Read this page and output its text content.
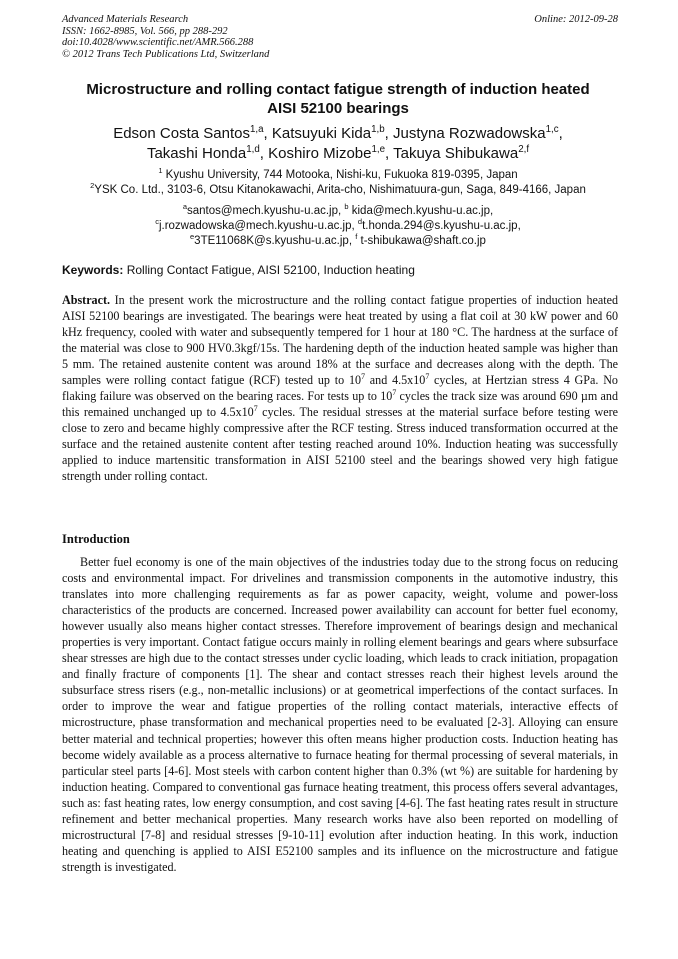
Advanced Materials Research
ISSN: 1662-8985, Vol. 566, pp 288-292
doi:10.4028/www.scientific.net/AMR.566.288
© 2012 Trans Tech Publications Ltd, Switzerland
Online: 2012-09-28
Microstructure and rolling contact fatigue strength of induction heated
AISI 52100 bearings
Edson Costa Santos$^{1,a}$, Katsuyuki Kida$^{1,b}$, Justyna Rozwadowska$^{1,c}$,
Takashi Honda$^{1,d}$, Koshiro Mizobe$^{1,e}$, Takuya Shibukawa$^{2,f}$
$^1$ Kyushu University, 744 Motooka, Nishi-ku, Fukuoka 819-0395, Japan
$^2$YSK Co. Ltd., 3103-6, Otsu Kitanokawachi, Arita-cho, Nishimatuura-gun, Saga, 849-4166, Japan
$^a$santos@mech.kyushu-u.ac.jp, $^b$ kida@mech.kyushu-u.ac.jp,
$^c$j.rozwadowska@mech.kyushu-u.ac.jp, $^d$t.honda.294@s.kyushu-u.ac.jp,
$^e$3TE11068K@s.kyushu-u.ac.jp, $^f$ t-shibukawa@shaft.co.jp
Keywords: Rolling Contact Fatigue, AISI 52100, Induction heating
Abstract. In the present work the microstructure and the rolling contact fatigue properties of induction heated AISI 52100 bearings are investigated. The bearings were heat treated by using a flat coil at 30 kW power and 60 kHz frequency, cooled with water and subsequently tempered for 1 hour at 180 °C. The hardness at the surface of the material was close to 900 HV0.3kgf/15s. The hardening depth of the induction heated sample was higher than 5 mm. The retained austenite content was around 18% at the surface and decreases along with the depth. The samples were rolling contact fatigue (RCF) tested up to $10^7$ and $4.5x10^7$ cycles, at Hertzian stress 4 GPa. No flaking failure was observed on the bearing races. For tests up to $10^7$ cycles the track size was around 690 µm and this remained unchanged up to $4.5x10^7$ cycles. The residual stresses at the material surface before testing were close to zero and became highly compressive after the RCF testing. Stress induced transformation occurred at the surface and the retained austenite content after testing reached around 10%. Induction heating was successfully applied to induce martensitic transformation in AISI 52100 steel and the bearings showed very high fatigue strength under rolling contact.
Introduction
Better fuel economy is one of the main objectives of the industries today due to the strong focus on reducing costs and environmental impact. For drivelines and transmission components in the automotive industry, this translates into more challenging requirements as far as power capacity, weight, volume and power-loss characteristics of the products are concerned. Increased power availability can account for better fuel economy, however usually also means higher contact stresses. Therefore improvement of bearings design and mechanical properties is very important. Contact fatigue occurs mainly in rolling element bearings and gears where subsurface shear stresses are high due to the contact stresses under cyclic loading, which leads to crack initiation, propagation and finally fracture of components [1]. The shear and contact stresses reach their highest levels around the subsurface stress risers (e.g., non-metallic inclusions) or at geometrical imperfections of the contact surfaces. In order to improve the wear and fatigue properties of the rolling contact materials, interactive effects of microstructure, phase transformation and mechanical properties need to be evaluated [2-3]. Alloying can ensure better material and technical properties; however this often means higher production costs. Induction heating has become widely available as a process alternative to furnace heating for thermal processing of several materials, in particular steel parts [4-6]. Most steels with carbon content higher than 0.3% (wt %) are suitable for hardening by induction heating. Compared to conventional gas furnace heating treatment, this process offers several advantages, such as: fast heating rates, low energy consumption, and cost saving [4-6]. The fast heating rates result in structure refinement and better mechanical properties. Many research works have also been reported on modelling of microstructural [7-8] and residual stresses [9-10-11] evolution after induction heating. In this work, induction heating and quenching is applied to AISI E52100 samples and its influence on the microstructure and fatigue strength is investigated.
